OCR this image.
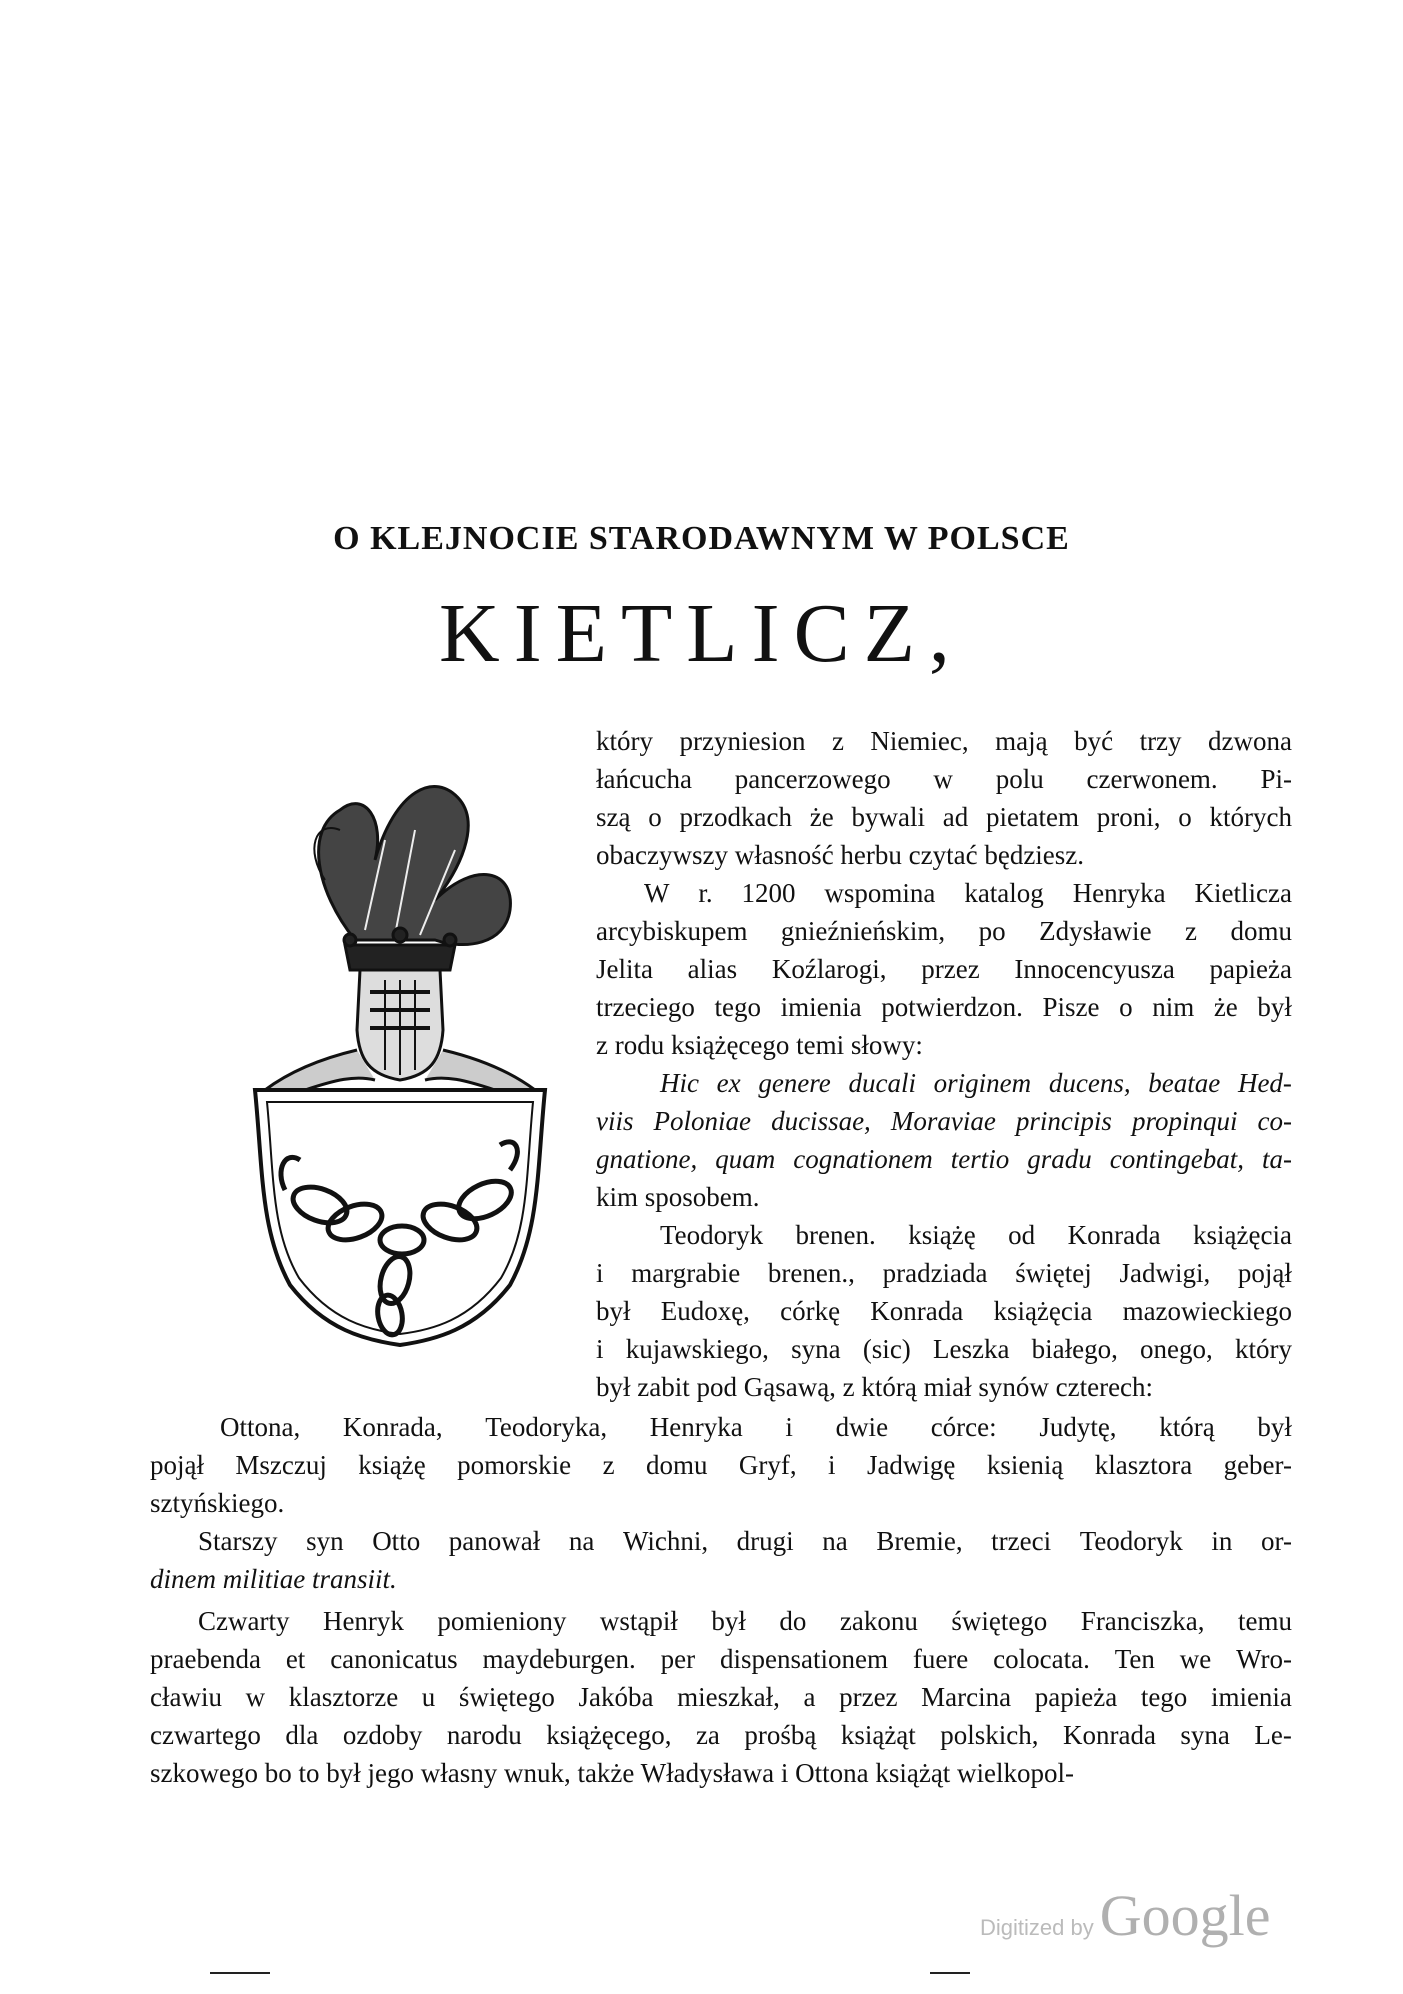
O KLEJNOCIE STARODAWNYM W POLSCE
KIETLICZ,
który przyniesion z Niemiec, mają być trzy dzwona
łańcucha pancerzowego w polu czerwonem. Pi-
szą o przodkach że bywali ad pietatem proni, o których
obaczywszy własność herbu czytać będziesz.
W r. 1200 wspomina katalog Henryka Kietlicza
arcybiskupem gnieźnieńskim, po Zdysławie z domu
Jelita alias Koźlarogi, przez Innocencyusza papieża
trzeciego tego imienia potwierdzon. Pisze o nim że był
z rodu książęcego temi słowy:
Hic ex genere ducali originem ducens, beatae Hed-
viis Poloniae ducissae, Moraviae principis propinqui co-
gnatione, quam cognationem tertio gradu contingebat, ta-
kim sposobem.
Teodoryk brenen. książę od Konrada książęcia
i margrabie brenen., pradziada świętej Jadwigi, pojął
był Eudoxę, córkę Konrada książęcia mazowieckiego
i kujawskiego, syna (sic) Leszka białego, onego, który
był zabit pod Gąsawą, z którą miał synów czterech:
Ottona, Konrada, Teodoryka, Henryka i dwie córce: Judytę, którą był
pojął Mszczuj książę pomorskie z domu Gryf, i Jadwigę ksienią klasztora geber-
sztyńskiego.
Starszy syn Otto panował na Wichni, drugi na Bremie, trzeci Teodoryk in or-
dinem militiae transiit.
Czwarty Henryk pomieniony wstąpił był do zakonu świętego Franciszka, temu
praebenda et canonicatus maydeburgen. per dispensationem fuere colocata. Ten we Wro-
cławiu w klasztorze u świętego Jakóba mieszkał, a przez Marcina papieża tego imienia
czwartego dla ozdoby narodu książęcego, za prośbą książąt polskich, Konrada syna Le-
szkowego bo to był jego własny wnuk, także Władysława i Ottona książąt wielkopol-
Digitized by Google
